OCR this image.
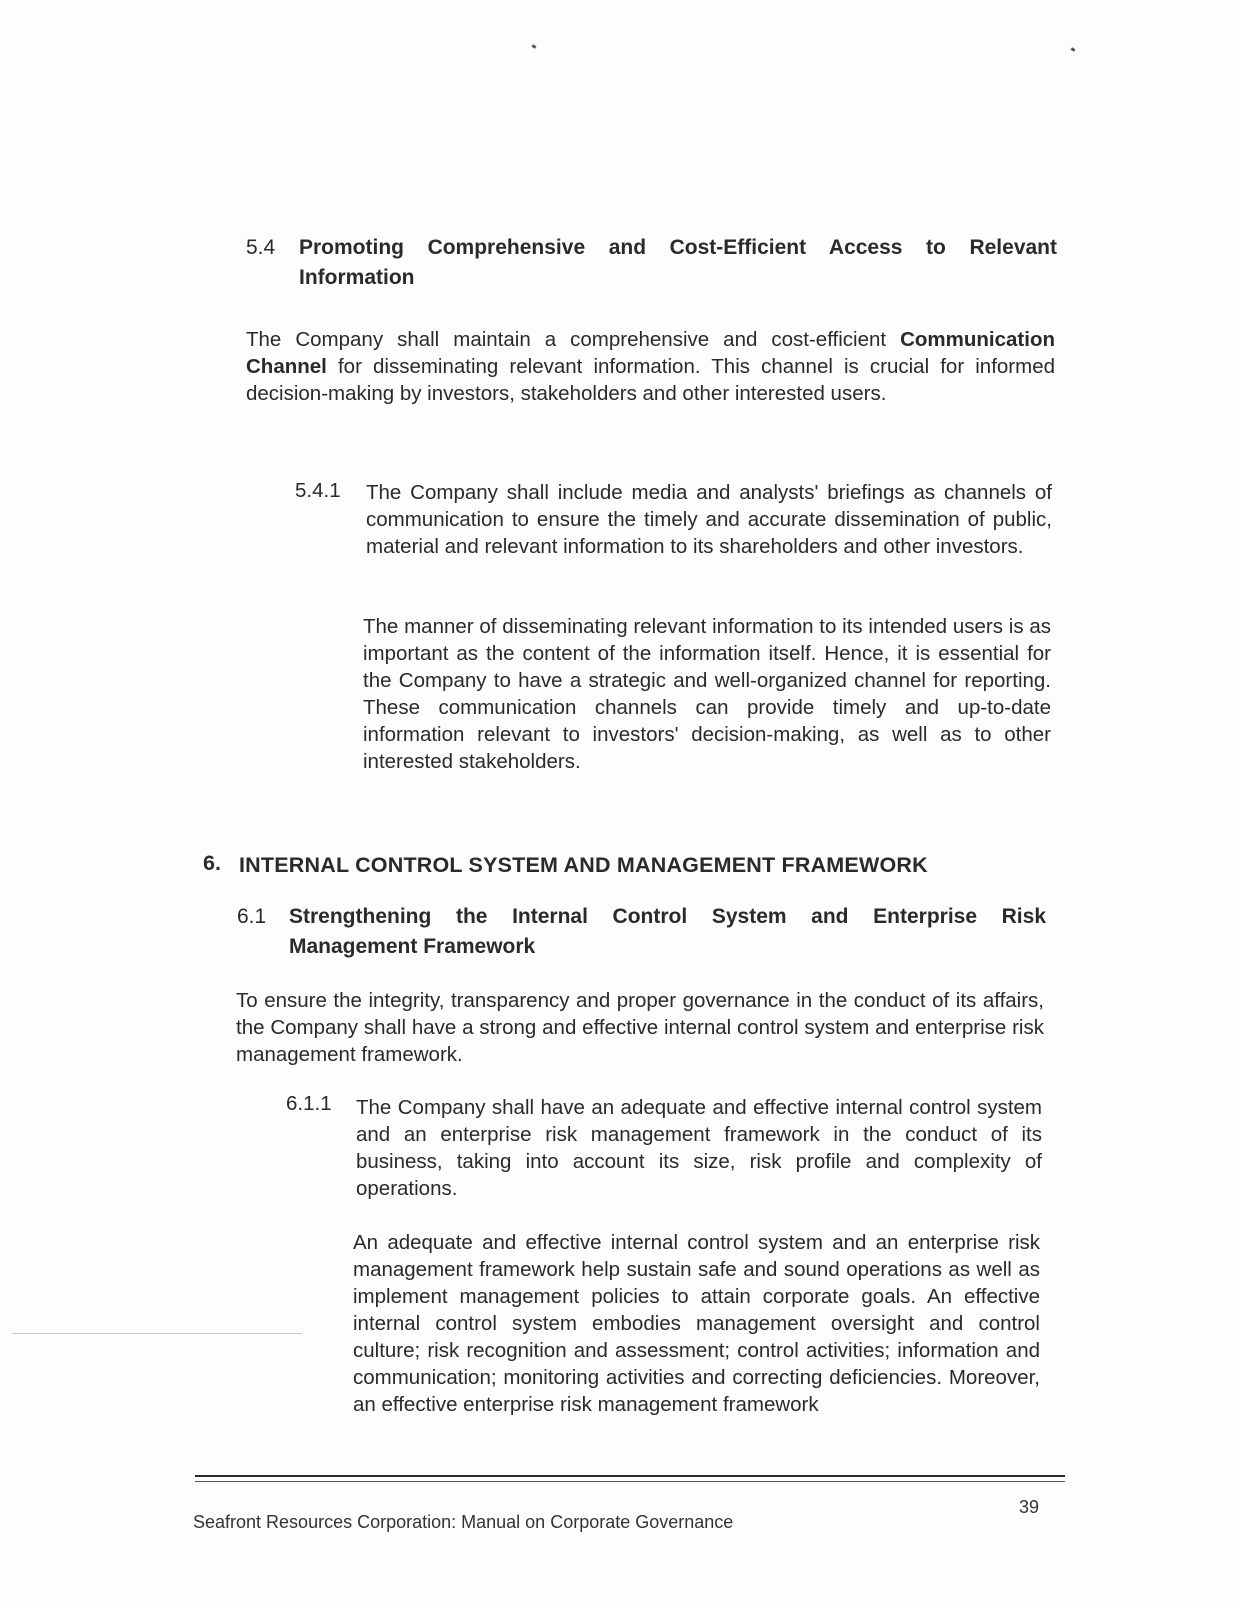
5.4 Promoting Comprehensive and Cost-Efficient Access to Relevant Information
The Company shall maintain a comprehensive and cost-efficient Communication Channel for disseminating relevant information. This channel is crucial for informed decision-making by investors, stakeholders and other interested users.
5.4.1 The Company shall include media and analysts' briefings as channels of communication to ensure the timely and accurate dissemination of public, material and relevant information to its shareholders and other investors.
The manner of disseminating relevant information to its intended users is as important as the content of the information itself. Hence, it is essential for the Company to have a strategic and well-organized channel for reporting. These communication channels can provide timely and up-to-date information relevant to investors' decision-making, as well as to other interested stakeholders.
6. INTERNAL CONTROL SYSTEM AND MANAGEMENT FRAMEWORK
6.1 Strengthening the Internal Control System and Enterprise Risk Management Framework
To ensure the integrity, transparency and proper governance in the conduct of its affairs, the Company shall have a strong and effective internal control system and enterprise risk management framework.
6.1.1 The Company shall have an adequate and effective internal control system and an enterprise risk management framework in the conduct of its business, taking into account its size, risk profile and complexity of operations.
An adequate and effective internal control system and an enterprise risk management framework help sustain safe and sound operations as well as implement management policies to attain corporate goals. An effective internal control system embodies management oversight and control culture; risk recognition and assessment; control activities; information and communication; monitoring activities and correcting deficiencies. Moreover, an effective enterprise risk management framework
39
Seafront Resources Corporation: Manual on Corporate Governance
